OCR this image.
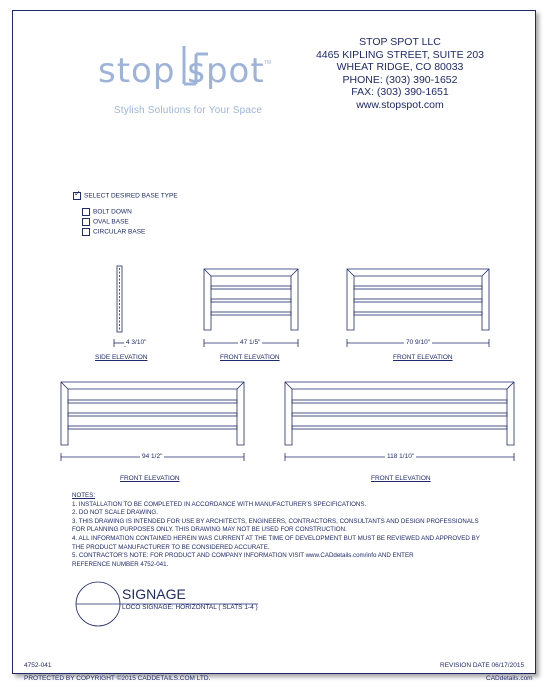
stop spot TM
Stylish Solutions for Your Space
STOP SPOT LLC
4465 KIPLING STREET, SUITE 203
WHEAT RIDGE, CO 80033
PHONE: (303) 390-1652
FAX: (303) 390-1651
www.stopspot.com
✓SELECT DESIRED BASE TYPE
BOLT DOWN
OVAL BASE
CIRCULAR BASE
4 3/10"	47 1/5"	70 9/10"
94 1/2"	118 1/10"
SIDE ELEVATION	FRONT ELEVATION	FRONT ELEVATION
FRONT ELEVATION	FRONT ELEVATION
NOTES:
1. INSTALLATION TO BE COMPLETED IN ACCORDANCE WITH MANUFACTURER'S SPECIFICATIONS.
2. DO NOT SCALE DRAWING.
3. THIS DRAWING IS INTENDED FOR USE BY ARCHITECTS, ENGINEERS, CONTRACTORS, CONSULTANTS AND DESIGN PROFESSIONALS
FOR PLANNING PURPOSES ONLY. THIS DRAWING MAY NOT BE USED FOR CONSTRUCTION.
4. ALL INFORMATION CONTAINED HEREIN WAS CURRENT AT THE TIME OF DEVELOPMENT BUT MUST BE REVIEWED AND APPROVED BY
THE PRODUCT MANUFACTURER TO BE CONSIDERED ACCURATE.
5. CONTRACTOR'S NOTE: FOR PRODUCT AND COMPANY INFORMATION VISIT www.CADdetails.com/info AND ENTER
REFERENCE NUMBER 4752-041.
SIGNAGE
LOCO SIGNAGE: HORIZONTAL ( SLATS 1-4 )
4752-041	REVISION DATE 06/17/2015
PROTECTED BY COPYRIGHT ©2015 CADDETAILS.COM LTD.	CADdetails.com
